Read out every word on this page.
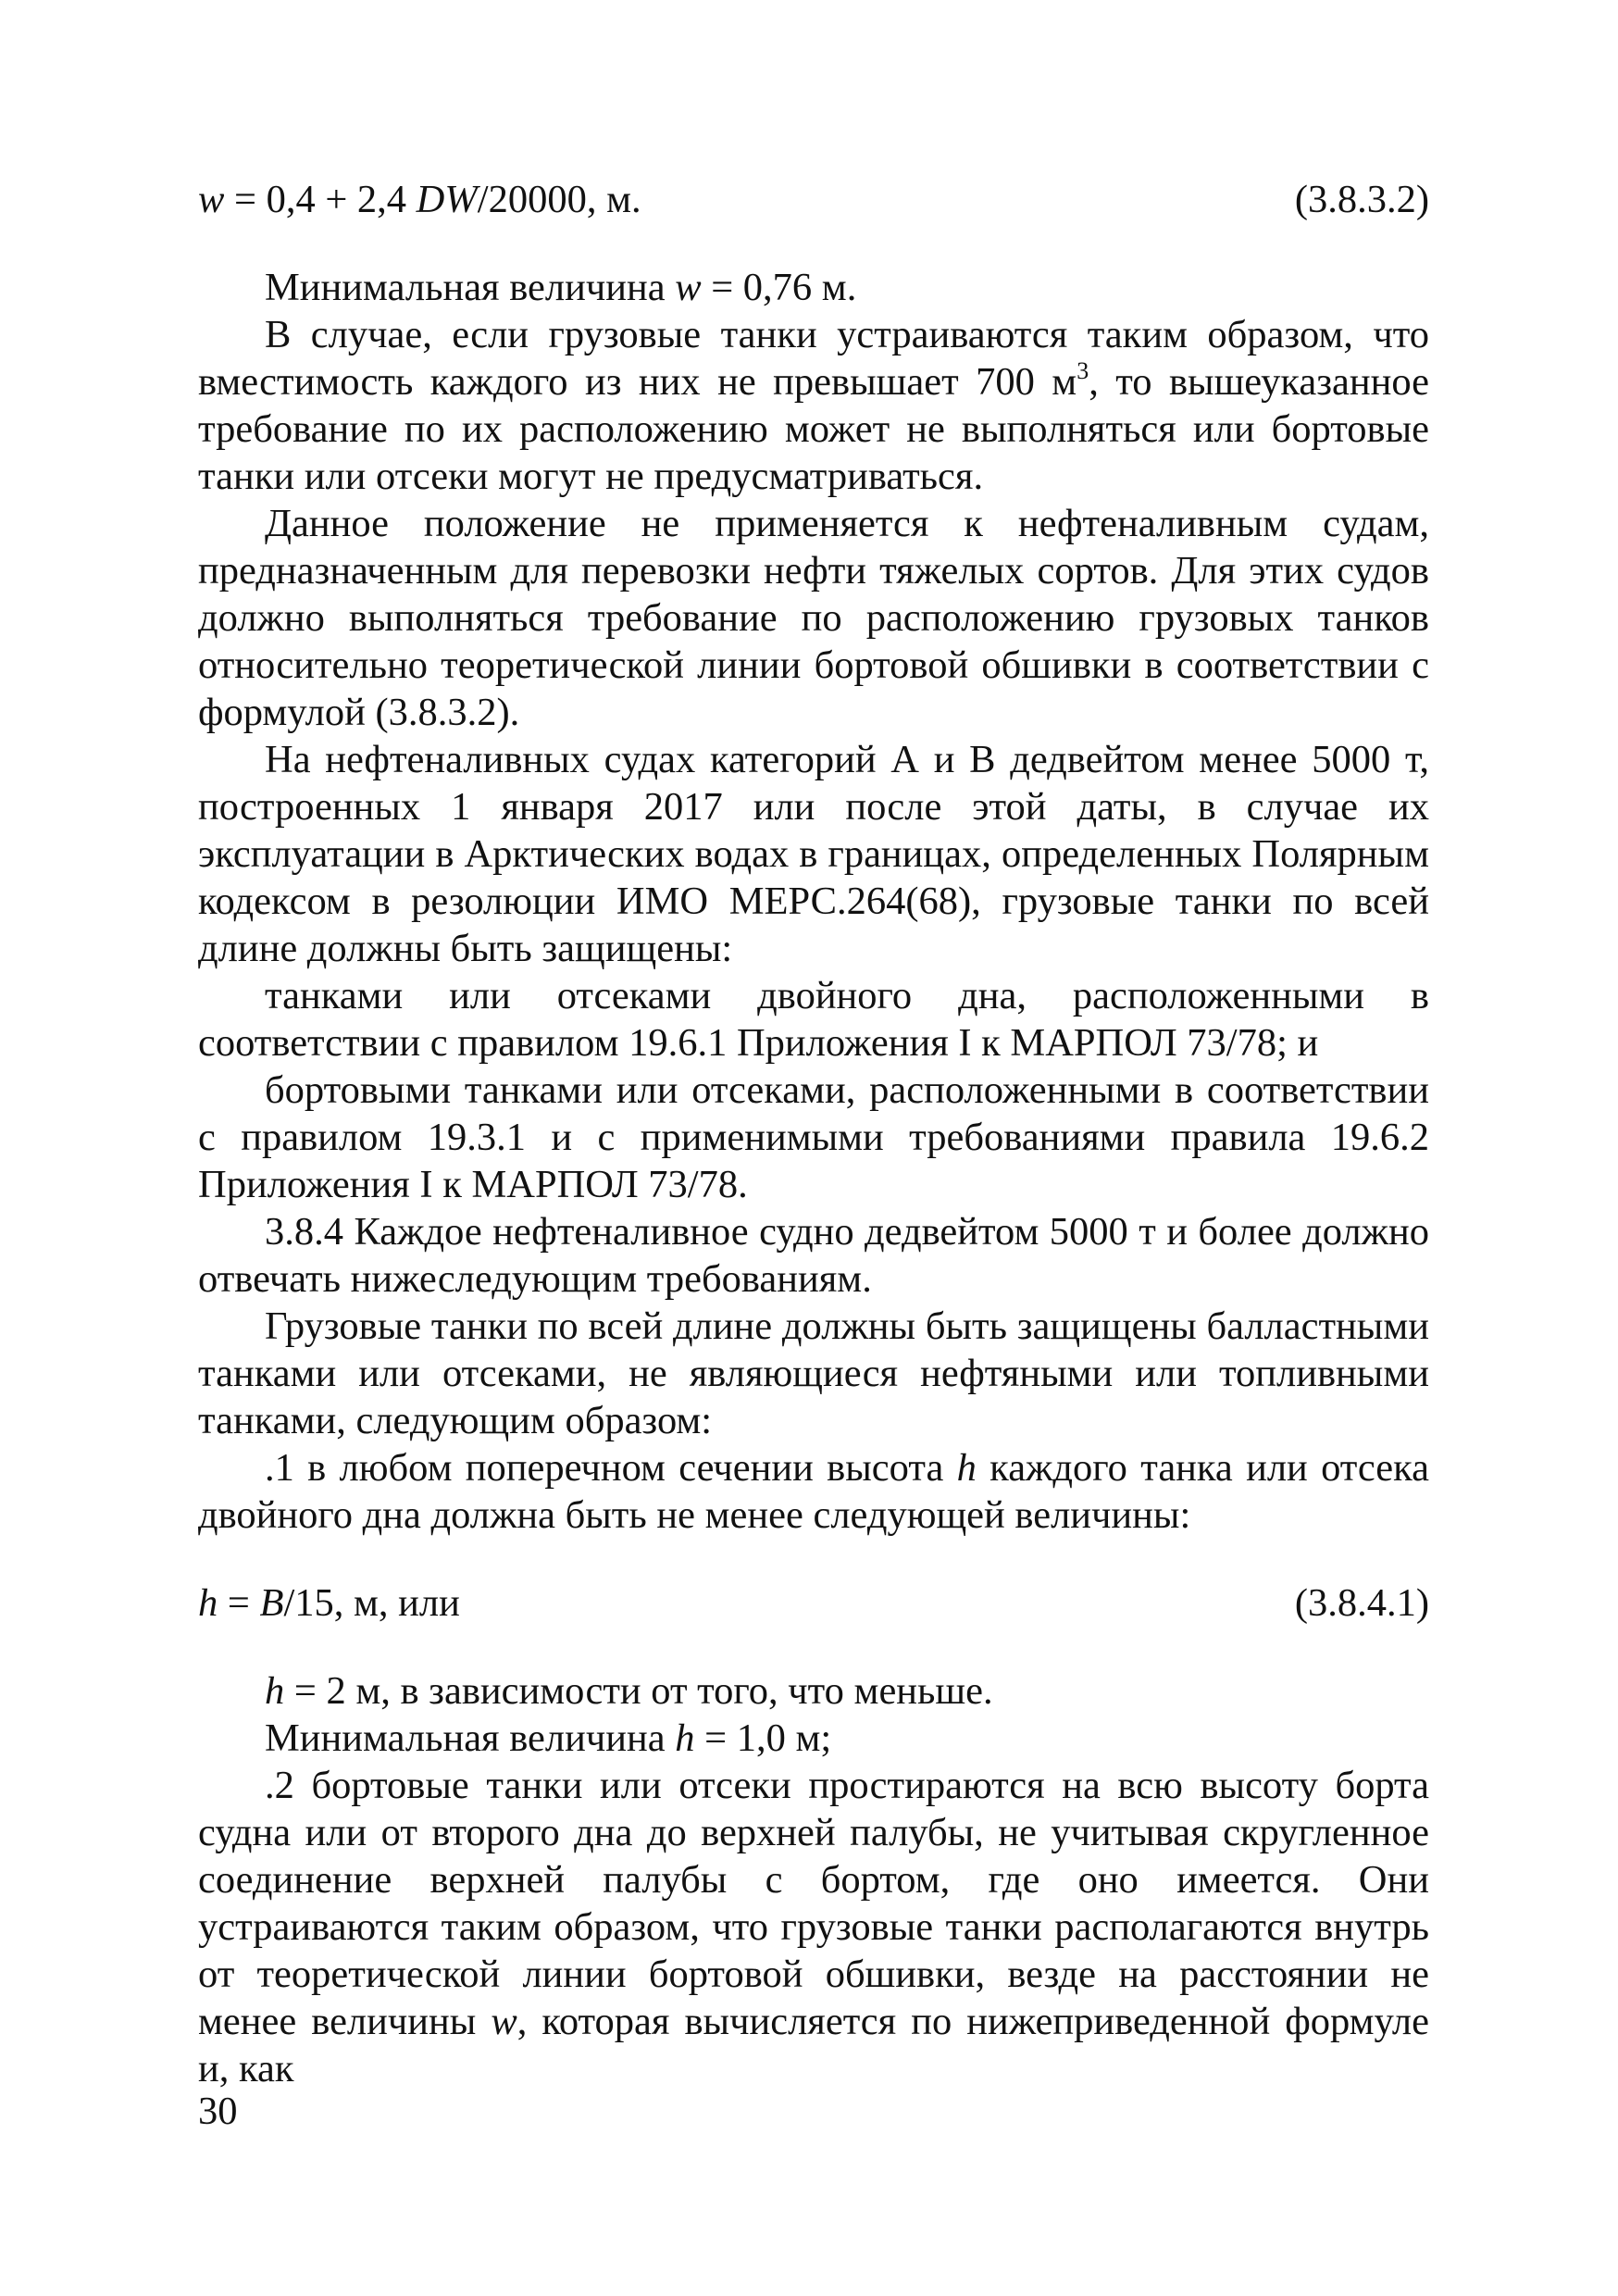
w = 0,4 + 2,4 DW/20000, м.	(3.8.3.2)

Минимальная величина w = 0,76 м.

В случае, если грузовые танки устраиваются таким образом, что вместимость каждого из них не превышает 700 $м^3$, то вышеуказанное требование по их расположению может не выполняться или бортовые танки или отсеки могут не предусматриваться.

Данное положение не применяется к нефтеналивным судам, предназначенным для перевозки нефти тяжелых сортов. Для этих судов должно выполняться требование по расположению грузовых танков относительно теоретической линии бортовой обшивки в соответствии с формулой (3.8.3.2).

На нефтеналивных судах категорий А и В дедвейтом менее 5000 т, построенных 1 января 2017 или после этой даты, в случае их эксплуатации в Арктических водах в границах, определенных Полярным кодексом в резолюции ИМО МЕРС.264(68), грузовые танки по всей длине должны быть защищены:

танками или отсеками двойного дна, расположенными в соответствии с правилом 19.6.1 Приложения I к МАРПОЛ 73/78; и

бортовыми танками или отсеками, расположенными в соответствии с правилом 19.3.1 и с применимыми требованиями правила 19.6.2 Приложения I к МАРПОЛ 73/78.

3.8.4 Каждое нефтеналивное судно дедвейтом 5000 т и более должно отвечать нижеследующим требованиям.

Грузовые танки по всей длине должны быть защищены балластными танками или отсеками, не являющиеся нефтяными или топливными танками, следующим образом:

.1 в любом поперечном сечении высота h каждого танка или отсека двойного дна должна быть не менее следующей величины:

h = B/15, м, или	(3.8.4.1)

h = 2 м, в зависимости от того, что меньше.

Минимальная величина h = 1,0 м;

.2 бортовые танки или отсеки простираются на всю высоту борта судна или от второго дна до верхней палубы, не учитывая скругленное соединение верхней палубы с бортом, где оно имеется. Они устраиваются таким образом, что грузовые танки располагаются внутрь от теоретической линии бортовой обшивки, везде на расстоянии не менее величины w, которая вычисляется по нижеприведенной формуле и, как

30
